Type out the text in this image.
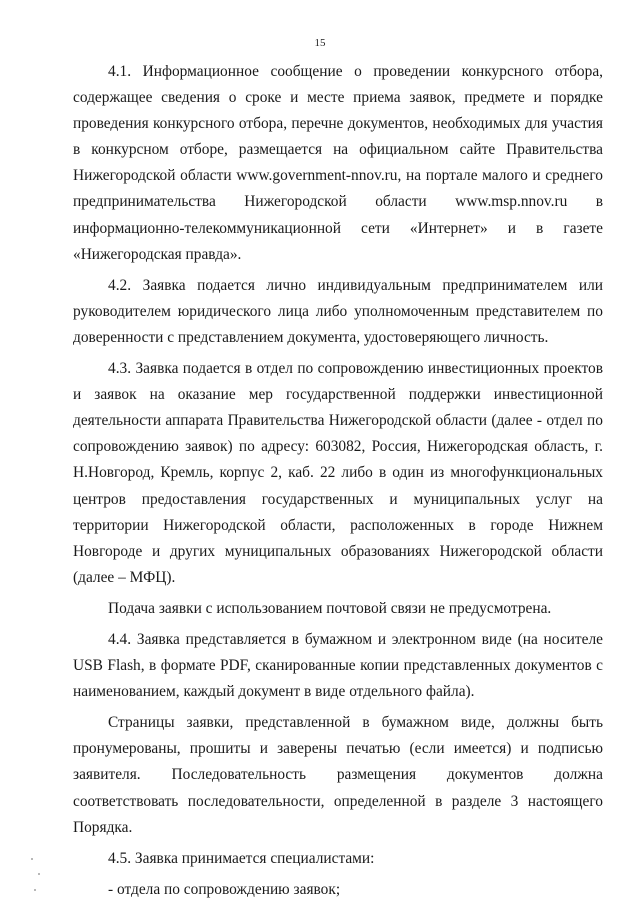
15

4.1. Информационное сообщение о проведении конкурсного отбора, содержащее сведения о сроке и месте приема заявок, предмете и порядке проведения конкурсного отбора, перечне документов, необходимых для участия в конкурсном отборе, размещается на официальном сайте Правительства Нижегородской области www.government-nnov.ru, на портале малого и среднего предпринимательства Нижегородской области www.msp.nnov.ru в информационно-телекоммуникационной сети «Интернет» и в газете «Нижегородская правда».

4.2. Заявка подается лично индивидуальным предпринимателем или руководителем юридического лица либо уполномоченным представителем по доверенности с представлением документа, удостоверяющего личность.

4.3. Заявка подается в отдел по сопровождению инвестиционных проектов и заявок на оказание мер государственной поддержки инвестиционной деятельности аппарата Правительства Нижегородской области (далее - отдел по сопровождению заявок) по адресу: 603082, Россия, Нижегородская область, г. Н.Новгород, Кремль, корпус 2, каб. 22 либо в один из многофункциональных центров предоставления государственных и муниципальных услуг на территории Нижегородской области, расположенных в городе Нижнем Новгороде и других муниципальных образованиях Нижегородской области (далее – МФЦ).

Подача заявки с использованием почтовой связи не предусмотрена.

4.4. Заявка представляется в бумажном и электронном виде (на носителе USB Flash, в формате PDF, сканированные копии представленных документов с наименованием, каждый документ в виде отдельного файла).

Страницы заявки, представленной в бумажном виде, должны быть пронумерованы, прошиты и заверены печатью (если имеется) и подписью заявителя. Последовательность размещения документов должна соответствовать последовательности, определенной в разделе 3 настоящего Порядка.

4.5. Заявка принимается специалистами:

- отдела по сопровождению заявок;
